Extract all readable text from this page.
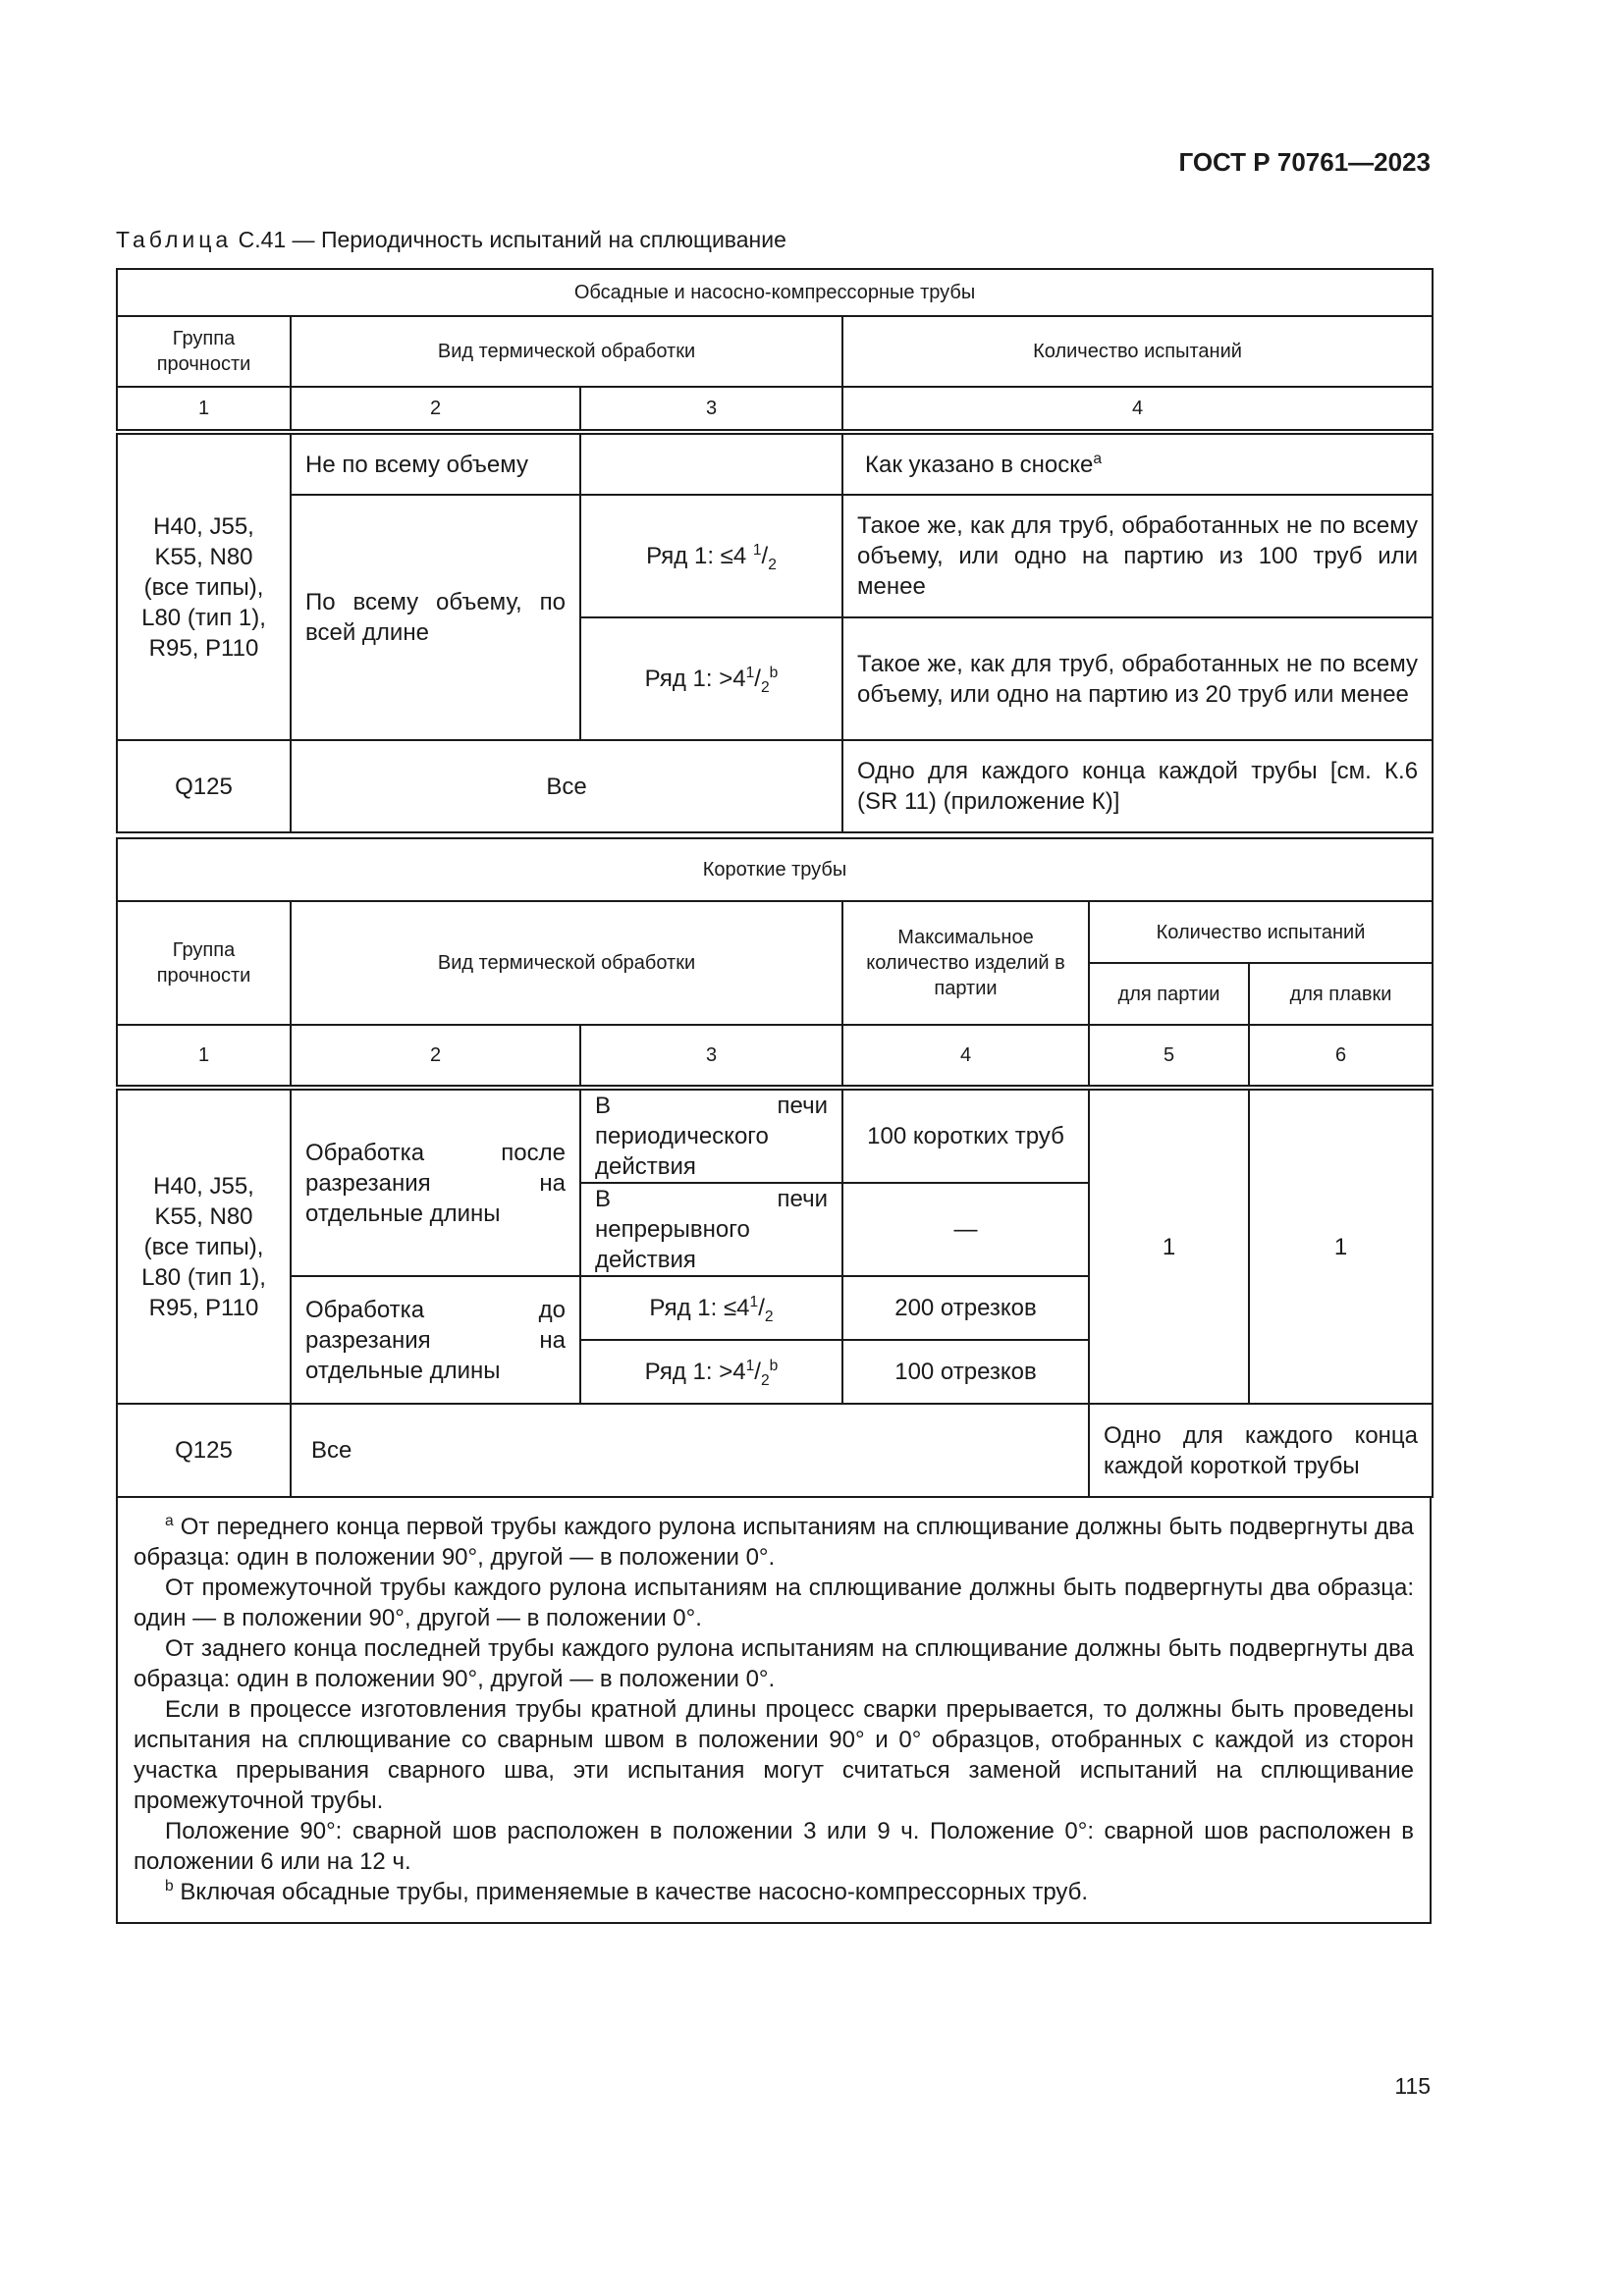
ГОСТ Р 70761—2023
Таблица С.41 — Периодичность испытаний на сплющивание
Обсадные и насосно-компрессорные трубы			
Группа прочности	Вид термической обработки		Количество испытаний
1	2	3	4
H40, J55, K55, N80 (все типы), L80 (тип 1), R95, P110	Не по всему объему		Как указано в сноске$^a$
	По всему объему, по всей длине	Ряд 1: ≤4 $^1/_2$	Такое же, как для труб, обработанных не по всему объему, или одно на партию из 100 труб или менее
		Ряд 1: $>4^1/_2^b$	Такое же, как для труб, обработанных не по всему объему, или одно на партию из 20 труб или менее
Q125	Все		Одно для каждого конца каждой трубы [см. К.6 (SR 11) (приложение К)]
Короткие трубы					
Группа прочности	Вид термической обработки		Максимальное количество изделий в партии	Количество испытаний	
				для партии	для плавки
1	2	3	4	5	6
H40, J55, K55, N80 (все типы), L80 (тип 1), R95, P110	Обработка после разрезания на отдельные длины	В печи периодического действия	100 коротких труб	1	1
		В печи непрерывного действия	—		
	Обработка до разрезания на отдельные длины	Ряд 1: $\le 4^1/_2$	200 отрезков		
		Ряд 1: $>4^1/_2^b$	100 отрезков		
Q125	Все			Одно для каждого конца каждой короткой трубы	

$^a$ От переднего конца первой трубы каждого рулона испытаниям на сплющивание должны быть подвергнуты два образца: один в положении 90°, другой — в положении 0°.

От промежуточной трубы каждого рулона испытаниям на сплющивание должны быть подвергнуты два образца: один — в положении 90°, другой — в положении 0°.

От заднего конца последней трубы каждого рулона испытаниям на сплющивание должны быть подвергнуты два образца: один в положении 90°, другой — в положении 0°.

Если в процессе изготовления трубы кратной длины процесс сварки прерывается, то должны быть проведены испытания на сплющивание со сварным швом в положении 90° и 0° образцов, отобранных с каждой из сторон участка прерывания сварного шва, эти испытания могут считаться заменой испытаний на сплющивание промежуточной трубы.

Положение 90°: сварной шов расположен в положении 3 или 9 ч. Положение 0°: сварной шов расположен в положении 6 или на 12 ч.

$^b$ Включая обсадные трубы, применяемые в качестве насосно-компрессорных труб.

115
